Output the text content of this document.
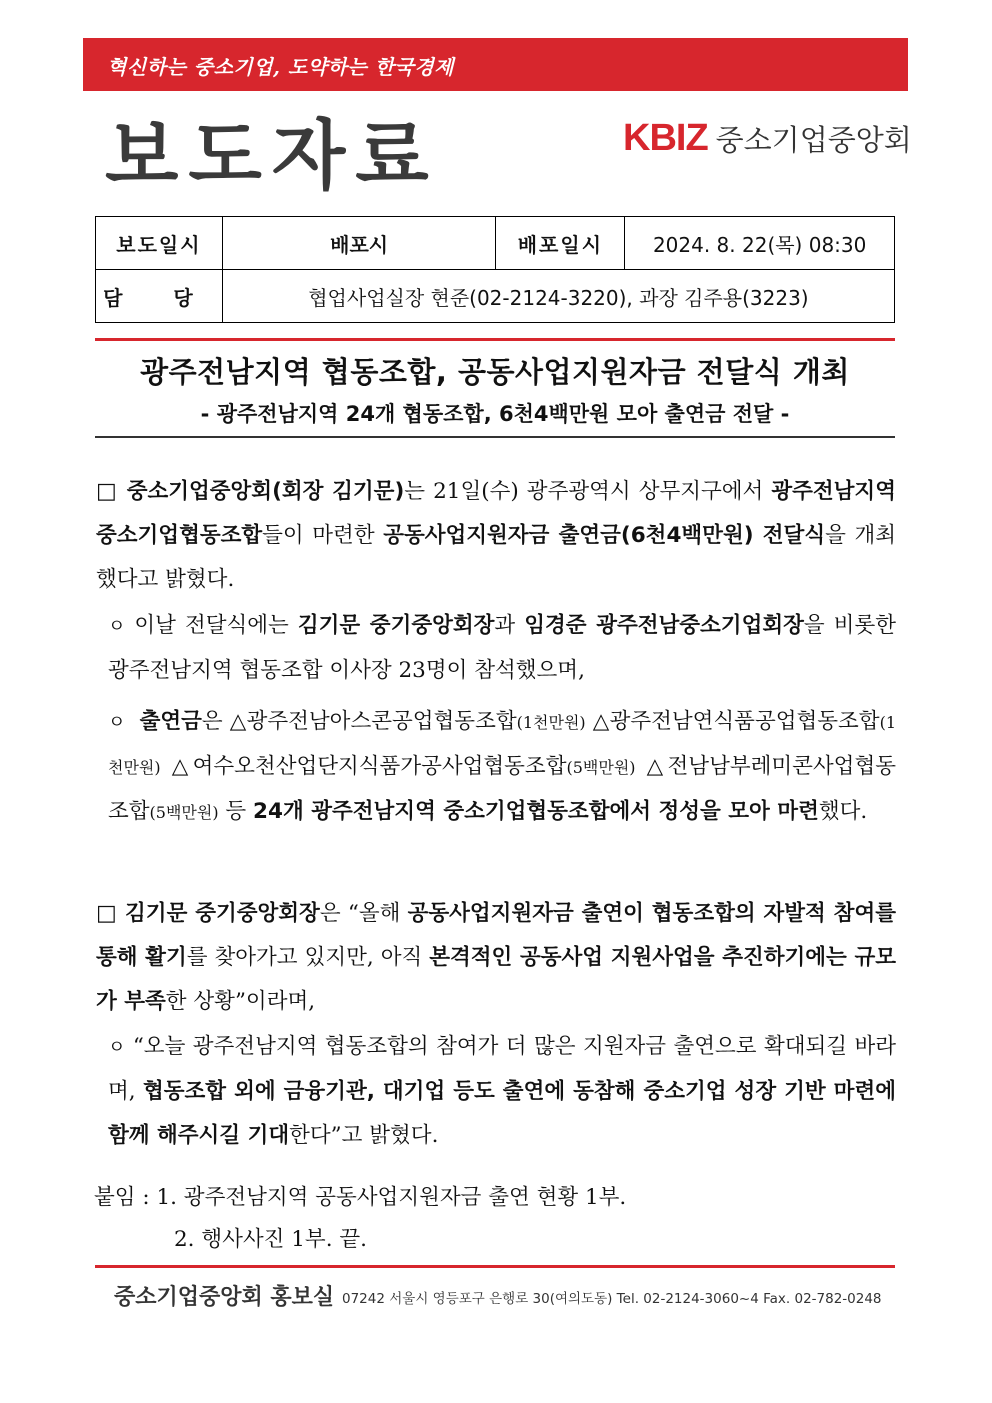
혁신하는 중소기업, 도약하는 한국경제
보도자료	KBIZ 중소기업중앙회
보도일시	배포시	배포일시	2024. 8. 22(목) 08:30
담 당	협업사업실장 현준(02-2124-3220), 과장 김주용(3223)		
광주전남지역 협동조합, 공동사업지원자금 전달식 개최
- 광주전남지역 24개 협동조합, 6천4백만원 모아 출연금 전달 -
□ 중소기업중앙회(회장 김기문)는 21일(수) 광주광역시 상무지구에서 광주전남지역 중소기업협동조합들이 마련한 공동사업지원자금 출연금(6천4백만원) 전달식을 개최했다고 밝혔다.
ㅇ 이날 전달식에는 김기문 중기중앙회장과 임경준 광주전남중소기업회장을 비롯한 광주전남지역 협동조합 이사장 23명이 참석했으며,
ㅇ 출연금은 △광주전남아스콘공업협동조합(1천만원) △광주전남연식품공업협동조합(1천만원) △여수오천산업단지식품가공사업협동조합(5백만원) △전남남부레미콘사업협동조합(5백만원) 등 24개 광주전남지역 중소기업협동조합에서 정성을 모아 마련했다.
□ 김기문 중기중앙회장은 “올해 공동사업지원자금 출연이 협동조합의 자발적 참여를 통해 활기를 찾아가고 있지만, 아직 본격적인 공동사업 지원사업을 추진하기에는 규모가 부족한 상황”이라며,
ㅇ “오늘 광주전남지역 협동조합의 참여가 더 많은 지원자금 출연으로 확대되길 바라며, 협동조합 외에 금융기관, 대기업 등도 출연에 동참해 중소기업 성장 기반 마련에 함께 해주시길 기대한다”고 밝혔다.
붙임 : 1. 광주전남지역 공동사업지원자금 출연 현황 1부.
2. 행사사진 1부. 끝.
중소기업중앙회 홍보실 07242 서울시 영등포구 은행로 30(여의도동) Tel. 02-2124-3060~4 Fax. 02-782-0248
